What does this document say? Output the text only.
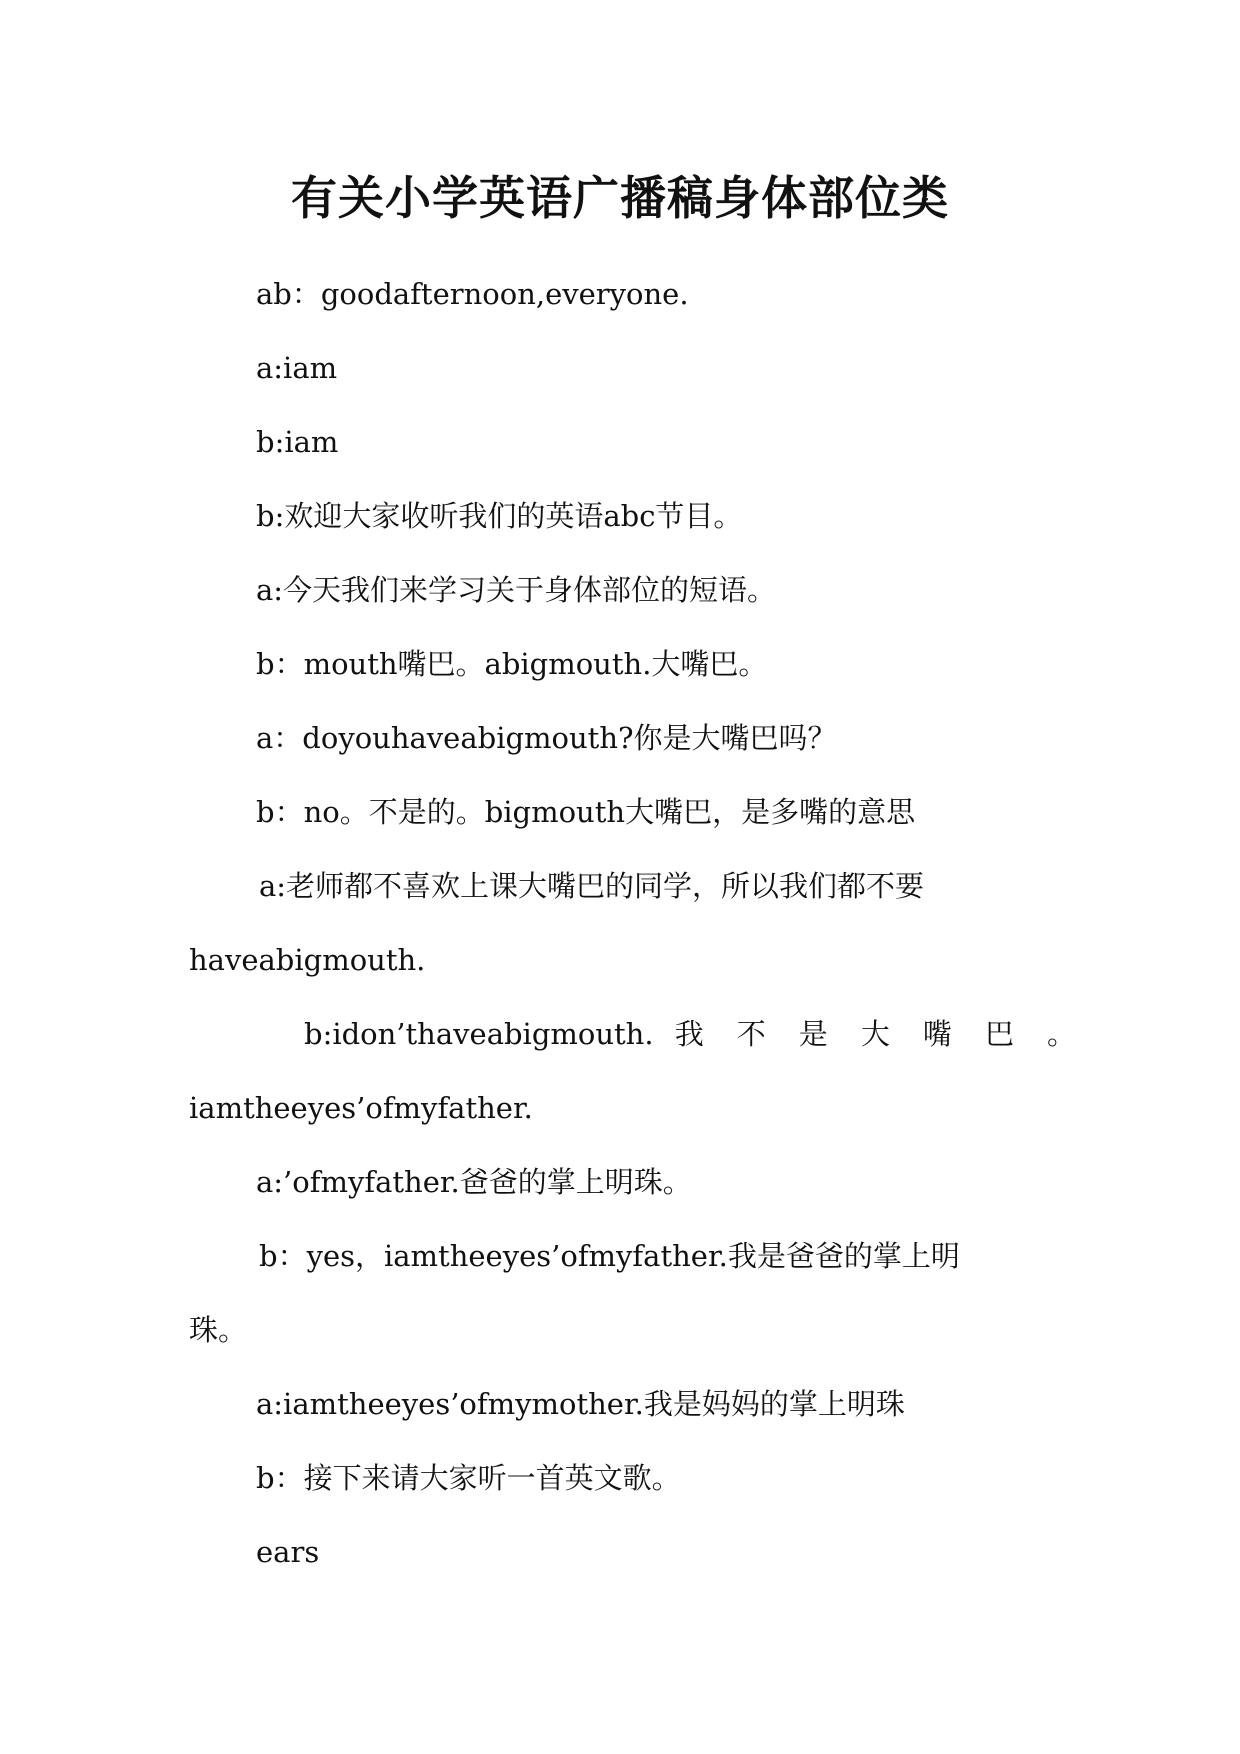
有关小学英语广播稿身体部位类

ab：goodafternoon,everyone.

a:iam

b:iam

b:欢迎大家收听我们的英语abc节目。

a:今天我们来学习关于身体部位的短语。

b：mouth嘴巴。abigmouth.大嘴巴。

a：doyouhaveabigmouth?你是大嘴巴吗？

b：no。不是的。bigmouth大嘴巴，是多嘴的意思

a:老师都不喜欢上课大嘴巴的同学，所以我们都不要

haveabigmouth.

b:idon’thaveabigmouth. 我 不 是 大 嘴 巴 。

iamtheeyes’ofmyfather.

a:’ofmyfather.爸爸的掌上明珠。

b：yes，iamtheeyes’ofmyfather.我是爸爸的掌上明

珠。

a:iamtheeyes’ofmymother.我是妈妈的掌上明珠

b：接下来请大家听一首英文歌。

ears
